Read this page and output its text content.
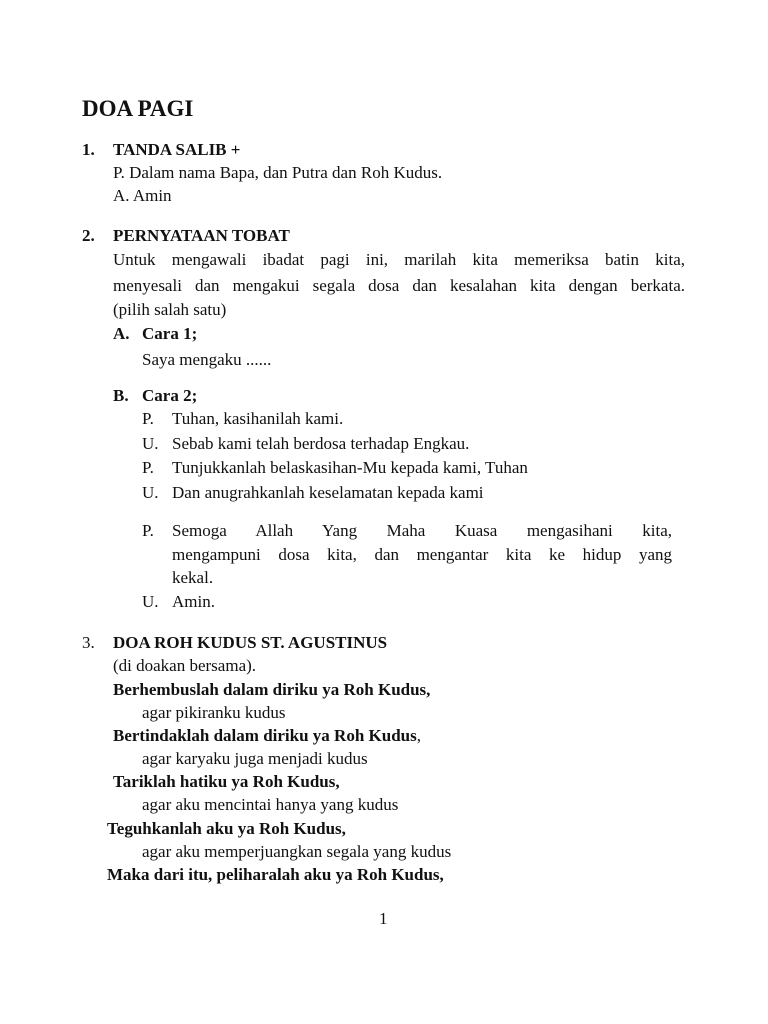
DOA PAGI
1. TANDA SALIB +
P. Dalam nama Bapa, dan Putra dan Roh Kudus.
A. Amin
2. PERNYATAAN TOBAT
Untuk mengawali ibadat pagi ini, marilah kita memeriksa batin kita,
menyesali dan mengakui segala dosa dan kesalahan kita dengan berkata.
(pilih salah satu)
A. Cara 1;
Saya mengaku ......
B. Cara 2;
P. Tuhan, kasihanilah kami.
U. Sebab kami telah berdosa terhadap Engkau.
P. Tunjukkanlah belaskasihan-Mu kepada kami, Tuhan
U. Dan anugrahkanlah keselamatan kepada kami
P. Semoga Allah Yang Maha Kuasa mengasihani kita,
mengampuni dosa kita, dan mengantar kita ke hidup yang
kekal.
U. Amin.
3. DOA ROH KUDUS ST. AGUSTINUS
(di doakan bersama).
Berhembuslah dalam diriku ya Roh Kudus,
agar pikiranku kudus
Bertindaklah dalam diriku ya Roh Kudus,
agar karyaku juga menjadi kudus
Tariklah hatiku ya Roh Kudus,
agar aku mencintai hanya yang kudus
Teguhkanlah aku ya Roh Kudus,
agar aku memperjuangkan segala yang kudus
Maka dari itu, peliharalah aku ya Roh Kudus,
1
